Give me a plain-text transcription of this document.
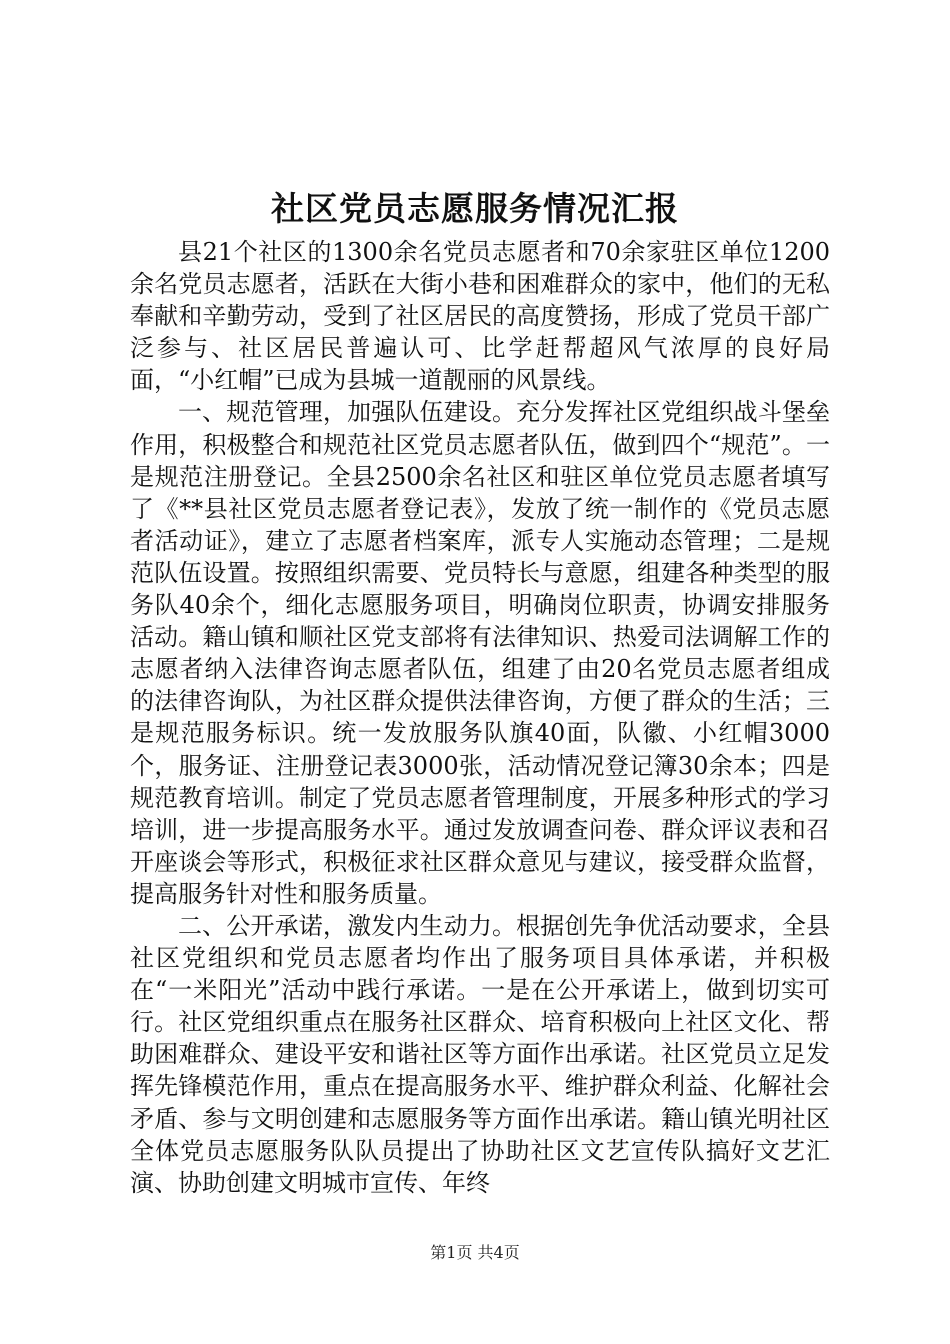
社区党员志愿服务情况汇报

县21个社区的1300余名党员志愿者和70余家驻区单位1200余名党员志愿者，活跃在大街小巷和困难群众的家中，他们的无私奉献和辛勤劳动，受到了社区居民的高度赞扬，形成了党员干部广泛参与、社区居民普遍认可、比学赶帮超风气浓厚的良好局面，“小红帽”已成为县城一道靓丽的风景线。

一、规范管理，加强队伍建设。充分发挥社区党组织战斗堡垒作用，积极整合和规范社区党员志愿者队伍，做到四个“规范”。一是规范注册登记。全县2500余名社区和驻区单位党员志愿者填写了《**县社区党员志愿者登记表》，发放了统一制作的《党员志愿者活动证》，建立了志愿者档案库，派专人实施动态管理；二是规范队伍设置。按照组织需要、党员特长与意愿，组建各种类型的服务队40余个，细化志愿服务项目，明确岗位职责，协调安排服务活动。籍山镇和顺社区党支部将有法律知识、热爱司法调解工作的志愿者纳入法律咨询志愿者队伍，组建了由20名党员志愿者组成的法律咨询队，为社区群众提供法律咨询，方便了群众的生活；三是规范服务标识。统一发放服务队旗40面，队徽、小红帽3000个，服务证、注册登记表3000张，活动情况登记簿30余本；四是规范教育培训。制定了党员志愿者管理制度，开展多种形式的学习培训，进一步提高服务水平。通过发放调查问卷、群众评议表和召开座谈会等形式，积极征求社区群众意见与建议，接受群众监督，提高服务针对性和服务质量。

二、公开承诺，激发内生动力。根据创先争优活动要求，全县社区党组织和党员志愿者均作出了服务项目具体承诺，并积极在“一米阳光”活动中践行承诺。一是在公开承诺上，做到切实可行。社区党组织重点在服务社区群众、培育积极向上社区文化、帮助困难群众、建设平安和谐社区等方面作出承诺。社区党员立足发挥先锋模范作用，重点在提高服务水平、维护群众利益、化解社会矛盾、参与文明创建和志愿服务等方面作出承诺。籍山镇光明社区全体党员志愿服务队队员提出了协助社区文艺宣传队搞好文艺汇演、协助创建文明城市宣传、年终

第1页 共4页
